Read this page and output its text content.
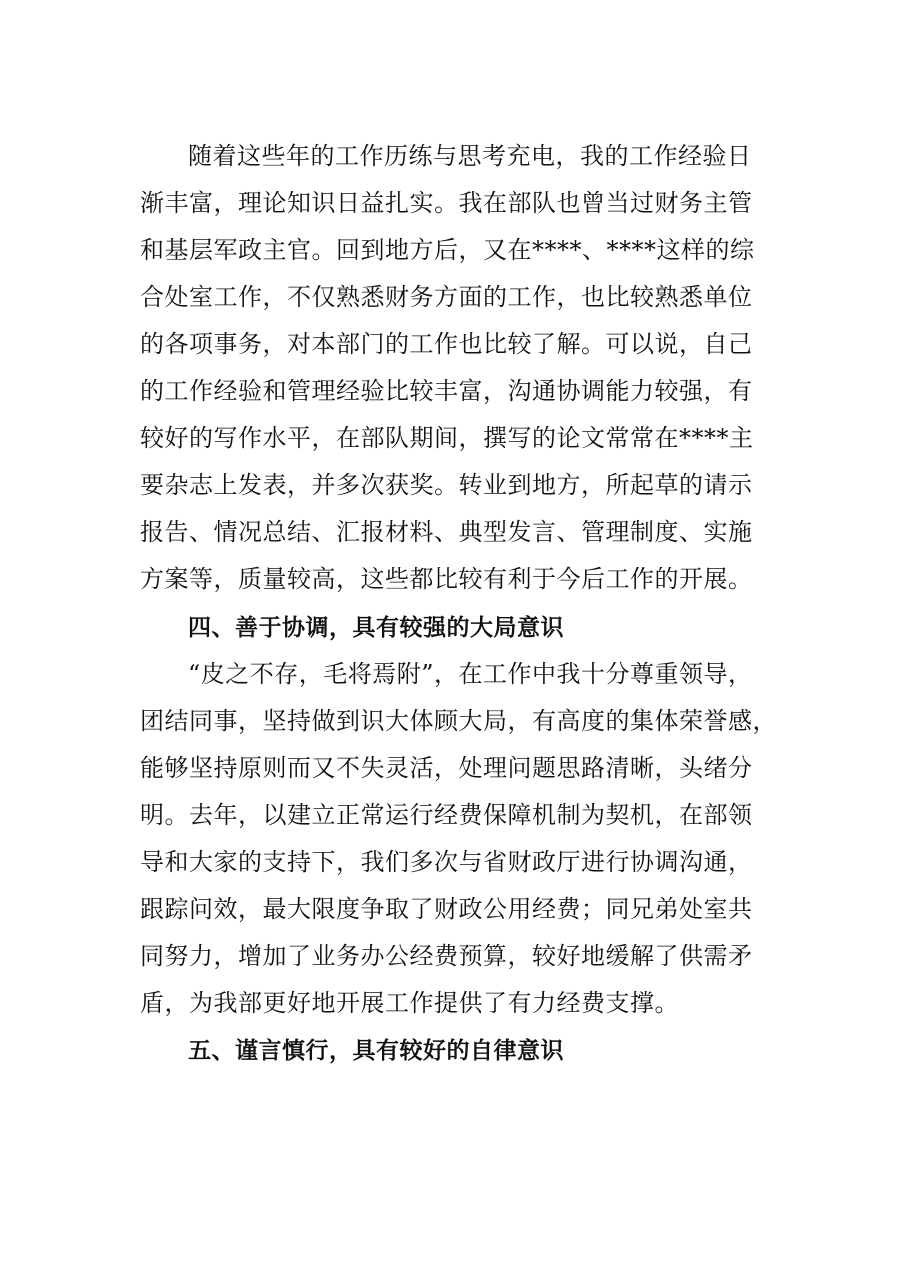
随着这些年的工作历练与思考充电，我的工作经验日
渐丰富，理论知识日益扎实。我在部队也曾当过财务主管
和基层军政主官。回到地方后，又在****、****这样的综
合处室工作，不仅熟悉财务方面的工作，也比较熟悉单位
的各项事务，对本部门的工作也比较了解。可以说，自己
的工作经验和管理经验比较丰富，沟通协调能力较强，有
较好的写作水平，在部队期间，撰写的论文常常在****主
要杂志上发表，并多次获奖。转业到地方，所起草的请示
报告、情况总结、汇报材料、典型发言、管理制度、实施
方案等，质量较高，这些都比较有利于今后工作的开展。
四、善于协调，具有较强的大局意识
“皮之不存，毛将焉附”，在工作中我十分尊重领导，
团结同事，坚持做到识大体顾大局，有高度的集体荣誉感，
能够坚持原则而又不失灵活，处理问题思路清晰，头绪分
明。去年，以建立正常运行经费保障机制为契机，在部领
导和大家的支持下，我们多次与省财政厅进行协调沟通，
跟踪问效，最大限度争取了财政公用经费；同兄弟处室共
同努力，增加了业务办公经费预算，较好地缓解了供需矛
盾，为我部更好地开展工作提供了有力经费支撑。
五、谨言慎行，具有较好的自律意识
